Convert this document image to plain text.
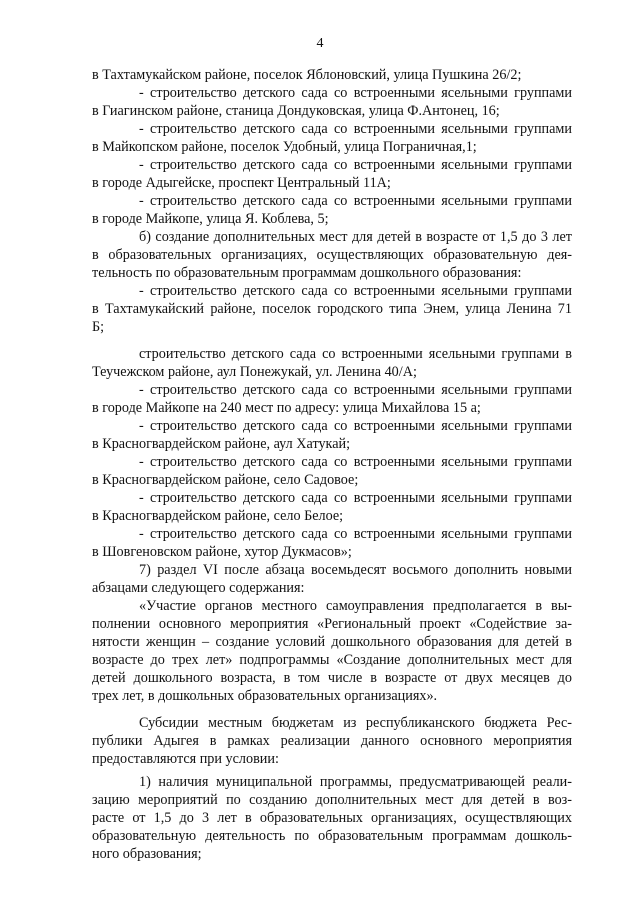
4

в Тахтамукайском районе, поселок Яблоновский, улица Пушкина 26/2;

- строительство детского сада со встроенными ясельными группами

в Гиагинском районе, станица Дондуковская, улица Ф.Антонец, 16;

- строительство детского сада со встроенными ясельными группами

в Майкопском районе, поселок Удобный, улица Пограничная,1;

- строительство детского сада со встроенными ясельными группами

в городе Адыгейске, проспект Центральный 11А;

- строительство детского сада со встроенными ясельными группами

в городе Майкопе, улица Я. Коблева, 5;

б) создание дополнительных мест для детей в возрасте от 1,5 до 3 лет

в образовательных организациях, осуществляющих образовательную дея-

тельность по образовательным программам дошкольного образования:

- строительство детского сада со встроенными ясельными группами

в Тахтамукайский районе, поселок городского типа Энем, улица Ленина 71

Б;

строительство детского сада со встроенными ясельными группами в

Теучежском районе, аул Понежукай, ул. Ленина 40/А;

- строительство детского сада со встроенными ясельными группами

в городе Майкопе на 240 мест по адресу: улица Михайлова 15 а;

- строительство детского сада со встроенными ясельными группами

в Красногвардейском районе, аул Хатукай;

- строительство детского сада со встроенными ясельными группами

в Красногвардейском районе, село Садовое;

- строительство детского сада со встроенными ясельными группами

в Красногвардейском районе, село Белое;

- строительство детского сада со встроенными ясельными группами

в Шовгеновском районе, хутор Дукмасов»;

7) раздел VI после абзаца восемьдесят восьмого дополнить новыми

абзацами следующего содержания:

«Участие органов местного самоуправления предполагается в вы-

полнении основного мероприятия «Региональный проект «Содействие за-

нятости женщин – создание условий дошкольного образования для детей в

возрасте до трех лет» подпрограммы «Создание дополнительных мест для

детей дошкольного возраста, в том числе в возрасте от двух месяцев до

трех лет, в дошкольных образовательных организациях».

Субсидии местным бюджетам из республиканского бюджета Рес-

публики Адыгея в рамках реализации данного основного мероприятия

предоставляются при условии:

1) наличия муниципальной программы, предусматривающей реали-

зацию мероприятий по созданию дополнительных мест для детей в воз-

расте от 1,5 до 3 лет в образовательных организациях, осуществляющих

образовательную деятельность по образовательным программам дошколь-

ного образования;
